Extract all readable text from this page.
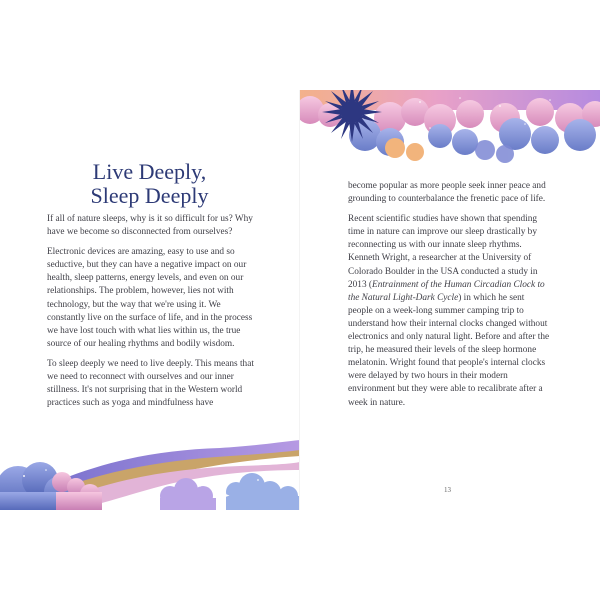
Live Deeply,
Sleep Deeply

If all of nature sleeps, why is it so difficult for us? Why have we become so disconnected from ourselves?

Electronic devices are amazing, easy to use and so seductive, but they can have a negative impact on our health, sleep patterns, energy levels, and even on our relationships. The problem, however, lies not with technology, but the way that we're using it. We constantly live on the surface of life, and in the process we have lost touch with what lies within us, the true source of our healing rhythms and bodily wisdom.

To sleep deeply we need to live deeply. This means that we need to reconnect with ourselves and our inner stillness. It's not surprising that in the Western world practices such as yoga and mindfulness have

become popular as more people seek inner peace and grounding to counterbalance the frenetic pace of life.

Recent scientific studies have shown that spending time in nature can improve our sleep drastically by reconnecting us with our innate sleep rhythms. Kenneth Wright, a researcher at the University of Colorado Boulder in the USA conducted a study in 2013 (Entrainment of the Human Circadian Clock to the Natural Light-Dark Cycle) in which he sent people on a week-long summer camping trip to understand how their internal clocks changed without electronics and only natural light. Before and after the trip, he measured their levels of the sleep hormone melatonin. Wright found that people's internal clocks were delayed by two hours in their modern environment but they were able to recalibrate after a week in nature.

13
